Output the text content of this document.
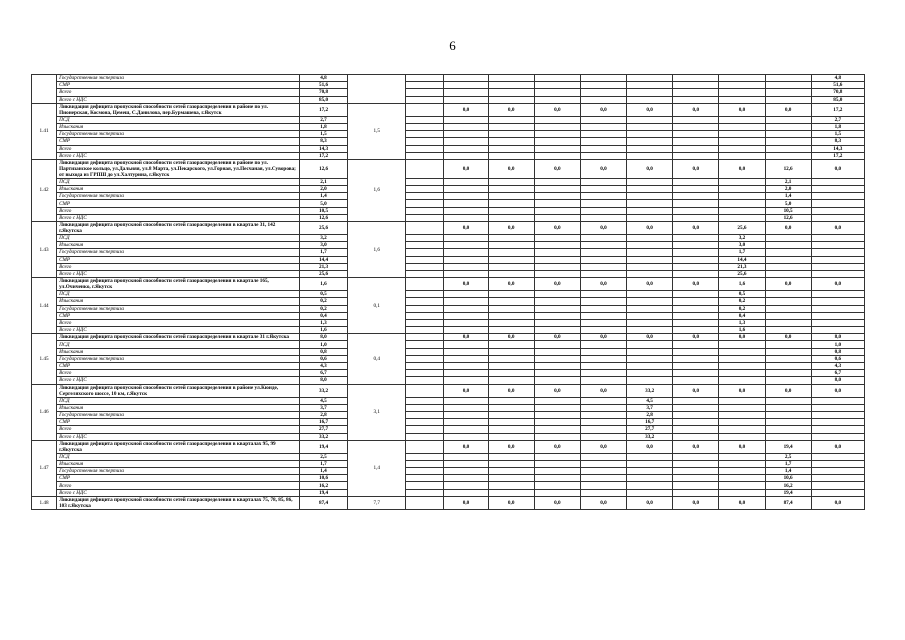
6
	Государственная экспертиза	4,8											4,8
	СМР	51,6											51,6
	Всего	70,8											70,8
	Всего с НДС	85,0											85,0
1.41	Ликвидация дефицита пропускной способности сетей газораспределения в районе по ул. Пионерская, Космона, Цемеш, С.Данилова, пер.Бурмашева, г.Якутск	17,2	1,5		0,0	0,0	0,0	0,0	0,0	0,0	0,0	0,0	17,2
	ПСД	2,7											2,7
	Изыскания	1,8											1,8
	Государственная экспертиза	1,5											1,5
	СМР	8,3											8,3
	Всего	14,3											14,3
	Всего с НДС	17,2											17,2
1.42	Ликвидация дефицита пропускной способности сетей газораспределения в районе по ул. Партизанское кольцо, ул.Дальняя, ул.8 Марта, ул.Пекарского, ул.Горная, ул.Песчаная, ул.Суворова; от выхода из ГРПШ до ул.Халтурина, г.Якутск	12,6	1,6		0,0	0,0	0,0	0,0	0,0	0,0	0,0	12,6	0,0
	ПСД	2,1										2,1	
	Изыскания	2,0										2,0	
	Государственная экспертиза	1,4										1,4	
	СМР	5,0										5,0	
	Всего	10,5										10,5	
	Всего с НДС	12,6										12,6	
1.43	Ликвидация дефицита пропускной способности сетей газораспределения в квартале 31, 142 г.Якутска	25,6	1,6		0,0	0,0	0,0	0,0	0,0	0,0	25,6	0,0	0,0
	ПСД	3,2									3,2		
	Изыскания	3,0									3,0		
	Государственная экспертиза	1,7									1,7		
	СМР	14,4									14,4		
	Всего	21,3									21,3		
	Всего с НДС	25,6									25,6		
1.44	Ликвидация дефицита пропускной способности сетей газораспределения в квартале 165, ул.Очиченко, г.Якутск	1,6	0,1		0,0	0,0	0,0	0,0	0,0	0,0	1,6	0,0	0,0
	ПСД	0,5									0,5		
	Изыскания	0,2									0,2		
	Государственная экспертиза	0,2									0,2		
	СМР	0,4									0,4		
	Всего	1,3									1,3		
	Всего с НДС	1,6									1,6		
1.45	Ликвидация дефицита пропускной способности сетей газораспределения в квартале 31 г.Якутска	8,0	0,4		0,0	0,0	0,0	0,0	0,0	0,0	0,0	0,0	8,0
	ПСД	1,0											1,0
	Изыскания	0,8											0,8
	Государственная экспертиза	0,6											0,6
	СМР	4,3											4,3
	Всего	6,7											6,7
	Всего с НДС	8,0											8,0
1.46	Ликвидация дефицита пропускной способности сетей газораспределения в районе ул.Кюнде, Сергеляхского шоссе, 10 км, г.Якутск	33,2	3,1		0,0	0,0	0,0	0,0	33,2	0,0	0,0	0,0	0,0
	ПСД	4,5							4,5				
	Изыскания	3,7							3,7				
	Государственная экспертиза	2,8							2,8				
	СМР	16,7							16,7				
	Всего	27,7							27,7				
	Всего с НДС	33,2							33,2				
1.47	Ликвидация дефицита пропускной способности сетей газораспределения в кварталах 95, 99 г.Якутска	19,4	1,4		0,0	0,0	0,0	0,0	0,0	0,0	0,0	19,4	0,0
	ПСД	2,5										2,5	
	Изыскания	1,7										1,7	
	Государственная экспертиза	1,4										1,4	
	СМР	10,6										10,6	
	Всего	16,2										16,2	
	Всего с НДС	19,4										19,4	
1.48	Ликвидация дефицита пропускной способности сетей газораспределения в кварталах 75, 78, 85, 86, 103 г.Якутска	87,4	7,7		0,0	0,0	0,0	0,0	0,0	0,0	0,0	87,4	0,0
